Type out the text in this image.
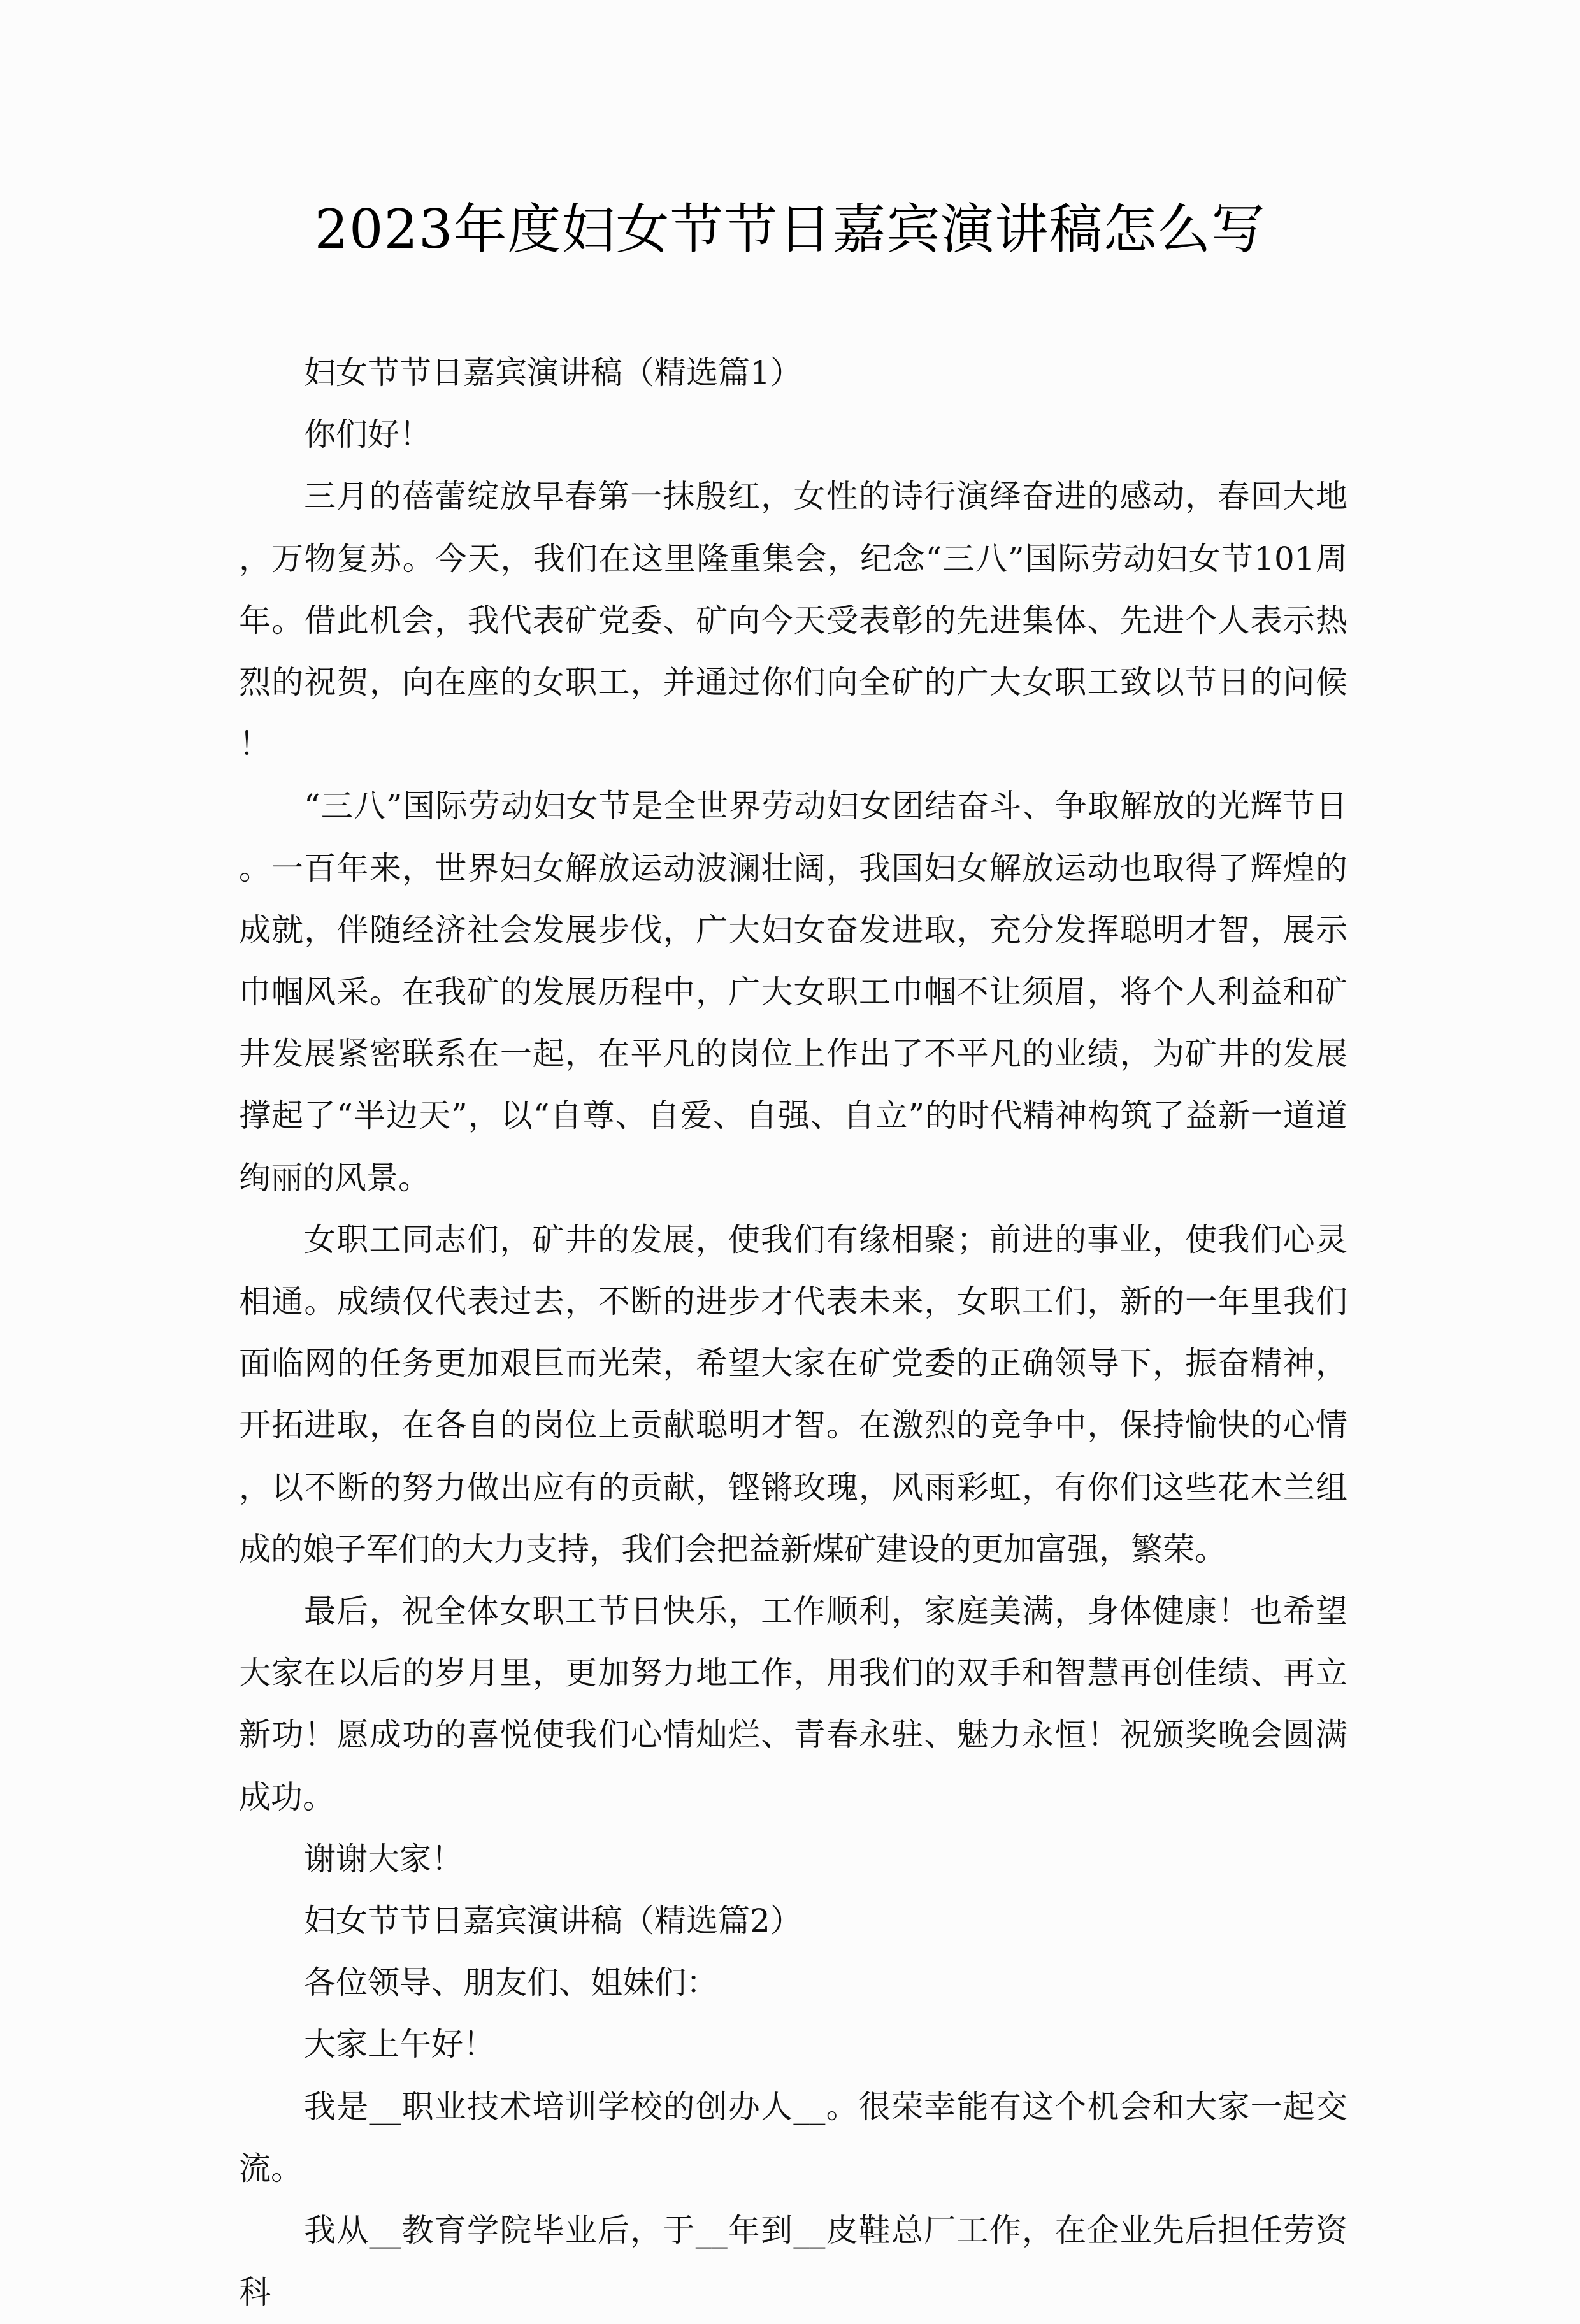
2023年度妇女节节日嘉宾演讲稿怎么写

妇女节节日嘉宾演讲稿（精选篇1）

你们好！

三月的蓓蕾绽放早春第一抹殷红，女性的诗行演绎奋进的感动，春回大地，万物复苏。今天，我们在这里隆重集会，纪念“三八”国际劳动妇女节101周年。借此机会，我代表矿党委、矿向今天受表彰的先进集体、先进个人表示热烈的祝贺，向在座的女职工，并通过你们向全矿的广大女职工致以节日的问候！

“三八”国际劳动妇女节是全世界劳动妇女团结奋斗、争取解放的光辉节日。一百年来，世界妇女解放运动波澜壮阔，我国妇女解放运动也取得了辉煌的成就，伴随经济社会发展步伐，广大妇女奋发进取，充分发挥聪明才智，展示巾帼风采。在我矿的发展历程中，广大女职工巾帼不让须眉，将个人利益和矿井发展紧密联系在一起，在平凡的岗位上作出了不平凡的业绩，为矿井的发展撑起了“半边天”，以“自尊、自爱、自强、自立”的时代精神构筑了益新一道道绚丽的风景。

女职工同志们，矿井的发展，使我们有缘相聚；前进的事业，使我们心灵相通。成绩仅代表过去，不断的进步才代表未来，女职工们，新的一年里我们面临网的任务更加艰巨而光荣，希望大家在矿党委的正确领导下，振奋精神，开拓进取，在各自的岗位上贡献聪明才智。在激烈的竞争中，保持愉快的心情，以不断的努力做出应有的贡献，铿锵玫瑰，风雨彩虹，有你们这些花木兰组成的娘子军们的大力支持，我们会把益新煤矿建设的更加富强，繁荣。

最后，祝全体女职工节日快乐，工作顺利，家庭美满，身体健康！也希望大家在以后的岁月里，更加努力地工作，用我们的双手和智慧再创佳绩、再立新功！愿成功的喜悦使我们心情灿烂、青春永驻、魅力永恒！祝颁奖晚会圆满成功。

谢谢大家！

妇女节节日嘉宾演讲稿（精选篇2）

各位领导、朋友们、姐妹们：

大家上午好！

我是__职业技术培训学校的创办人__。很荣幸能有这个机会和大家一起交流。

我从__教育学院毕业后，于__年到__皮鞋总厂工作，在企业先后担任劳资科
